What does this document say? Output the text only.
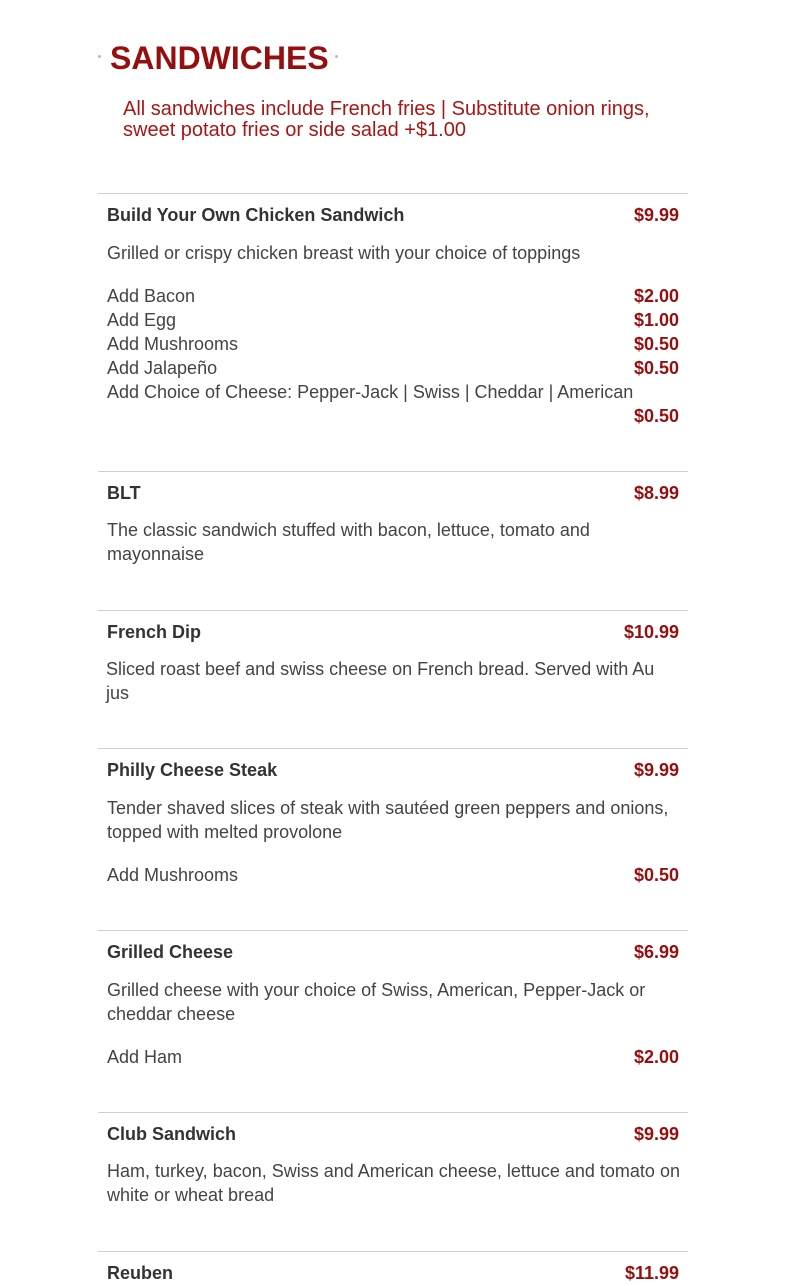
SANDWICHES

All sandwiches include French fries | Substitute onion rings, sweet potato fries or side salad +$1.00

Build Your Own Chicken Sandwich	$9.99
Grilled or crispy chicken breast with your choice of toppings
Add Bacon	$2.00
Add Egg	$1.00
Add Mushrooms	$0.50
Add Jalapeño	$0.50
Add Choice of Cheese: Pepper-Jack | Swiss | Cheddar | American
$0.50
BLT	$8.99
The classic sandwich stuffed with bacon, lettuce, tomato and mayonnaise
French Dip	$10.99
Sliced roast beef and swiss cheese on French bread. Served with Au jus
Philly Cheese Steak	$9.99
Tender shaved slices of steak with sautéed green peppers and onions, topped with melted provolone
Add Mushrooms	$0.50
Grilled Cheese	$6.99
Grilled cheese with your choice of Swiss, American, Pepper-Jack or cheddar cheese
Add Ham	$2.00
Club Sandwich	$9.99
Ham, turkey, bacon, Swiss and American cheese, lettuce and tomato on white or wheat bread
Reuben	$11.99
